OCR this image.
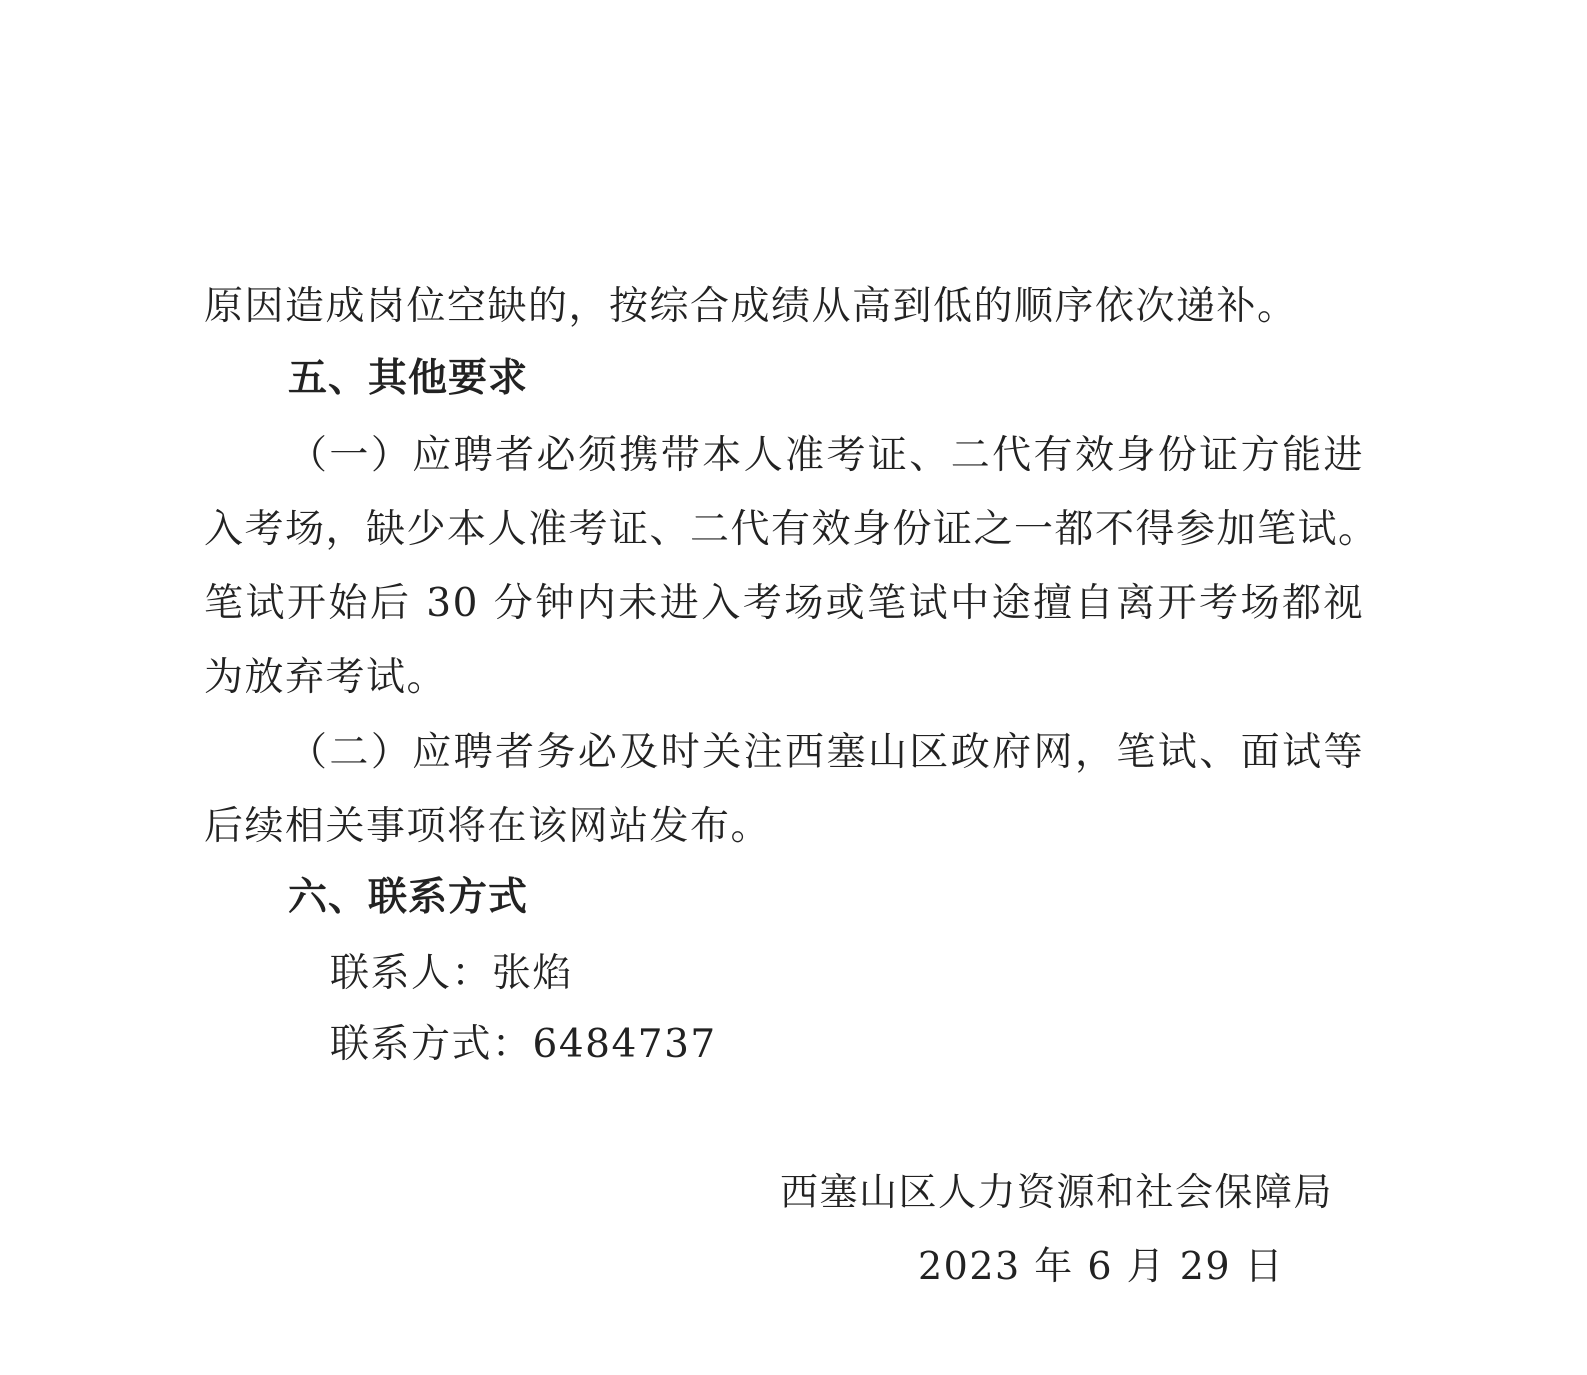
原因造成岗位空缺的，按综合成绩从高到低的顺序依次递补。
五、其他要求
（一）应聘者必须携带本人准考证、二代有效身份证方能进
入考场，缺少本人准考证、二代有效身份证之一都不得参加笔试。
笔试开始后 30 分钟内未进入考场或笔试中途擅自离开考场都视
为放弃考试。
（二）应聘者务必及时关注西塞山区政府网，笔试、面试等
后续相关事项将在该网站发布。
六、联系方式
联系人：张焰
联系方式：6484737
西塞山区人力资源和社会保障局
2023 年 6 月 29 日
